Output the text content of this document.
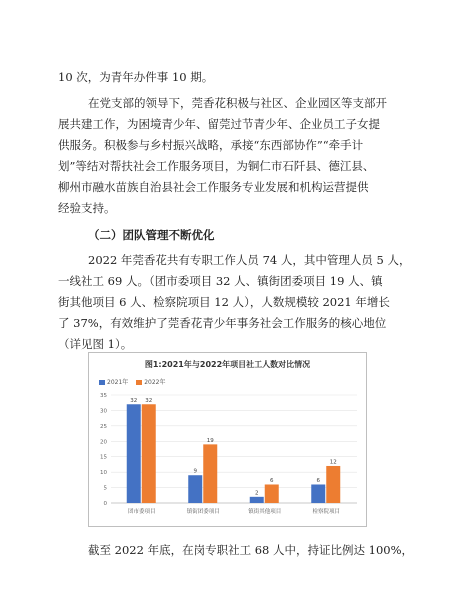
10 次，为青年办件事 10 期。
在党支部的领导下，莞香花积极与社区、企业园区等支部开
展共建工作，为困境青少年、留莞过节青少年、企业员工子女提
供服务。积极参与乡村振兴战略，承接“东西部协作”“牵手计
划”等结对帮扶社会工作服务项目，为铜仁市石阡县、德江县、
柳州市融水苗族自治县社会工作服务专业发展和机构运营提供
经验支持。
（二）团队管理不断优化
2022 年莞香花共有专职工作人员 74 人，其中管理人员 5 人，
一线社工 69 人。（团市委项目 32 人、镇街团委项目 19 人、镇
街其他项目 6 人、检察院项目 12 人），人数规模较 2021 年增长
了 37%，有效维护了莞香花青少年事务社会工作服务的核心地位
（详见图 1）。
图1:2021年与2022年项目社工人数对比情况
2021年	2022年
0
5
10
15
20
25
30
35
32 32
团市委项目
9
19
镇街团委项目
2
6
镇街其他项目
6
12
检察院项目
截至 2022 年底，在岗专职社工 68 人中，持证比例达 100%，
